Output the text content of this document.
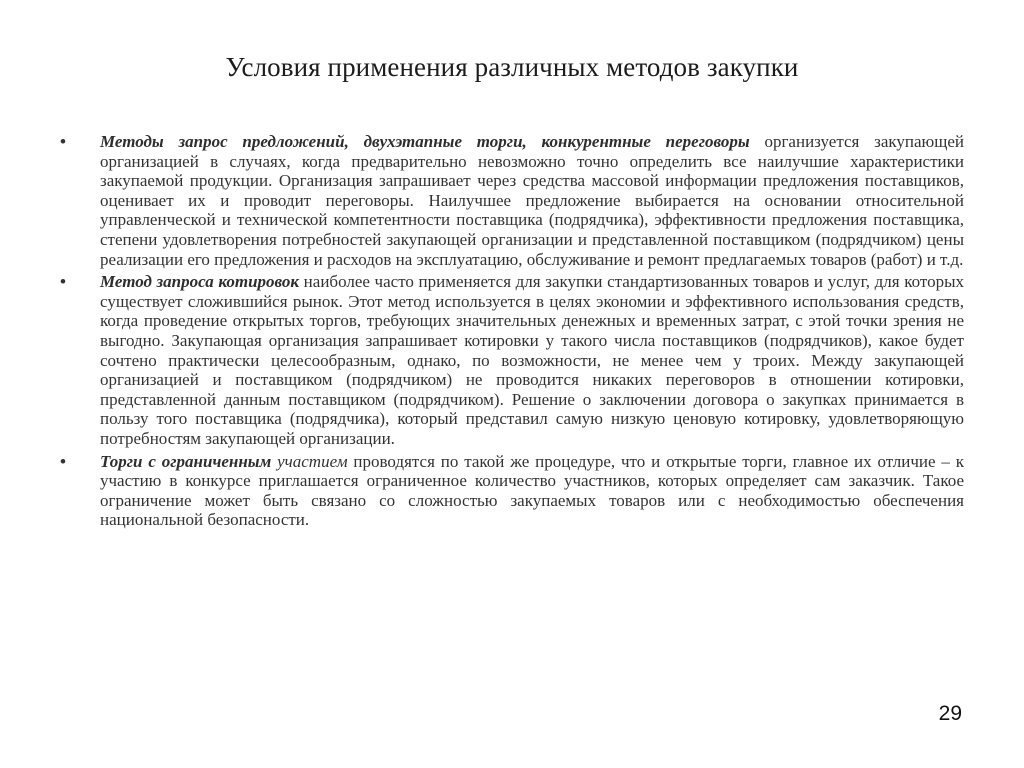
Условия применения различных методов закупки
• Методы запрос предложений, двухэтапные торги, конкурентные переговоры организуется закупающей организацией в случаях, когда предварительно невозможно точно определить все наилучшие характеристики закупаемой продукции. Организация запрашивает через средства массовой информации предложения поставщиков, оценивает их и проводит переговоры. Наилучшее предложение выбирается на основании относительной управленческой и технической компетентности поставщика (подрядчика), эффективности предложения поставщика, степени удовлетворения потребностей закупающей организации и представленной поставщиком (подрядчиком) цены реализации его предложения и расходов на эксплуатацию, обслуживание и ремонт предлагаемых товаров (работ) и т.д.
• Метод запроса котировок наиболее часто применяется для закупки стандартизованных товаров и услуг, для которых существует сложившийся рынок. Этот метод используется в целях экономии и эффективного использования средств, когда проведение открытых торгов, требующих значительных денежных и временных затрат, с этой точки зрения не выгодно. Закупающая организация запрашивает котировки у такого числа поставщиков (подрядчиков), какое будет сочтено практически целесообразным, однако, по возможности, не менее чем у троих. Между закупающей организацией и поставщиком (подрядчиком) не проводится никаких переговоров в отношении котировки, представленной данным поставщиком (подрядчиком). Решение о заключении договора о закупках принимается в пользу того поставщика (подрядчика), который представил самую низкую ценовую котировку, удовлетворяющую потребностям закупающей организации.
• Торги с ограниченным участием проводятся по такой же процедуре, что и открытые торги, главное их отличие – к участию в конкурсе приглашается ограниченное количество участников, которых определяет сам заказчик. Такое ограничение может быть связано со сложностью закупаемых товаров или с необходимостью обеспечения национальной безопасности.
29
